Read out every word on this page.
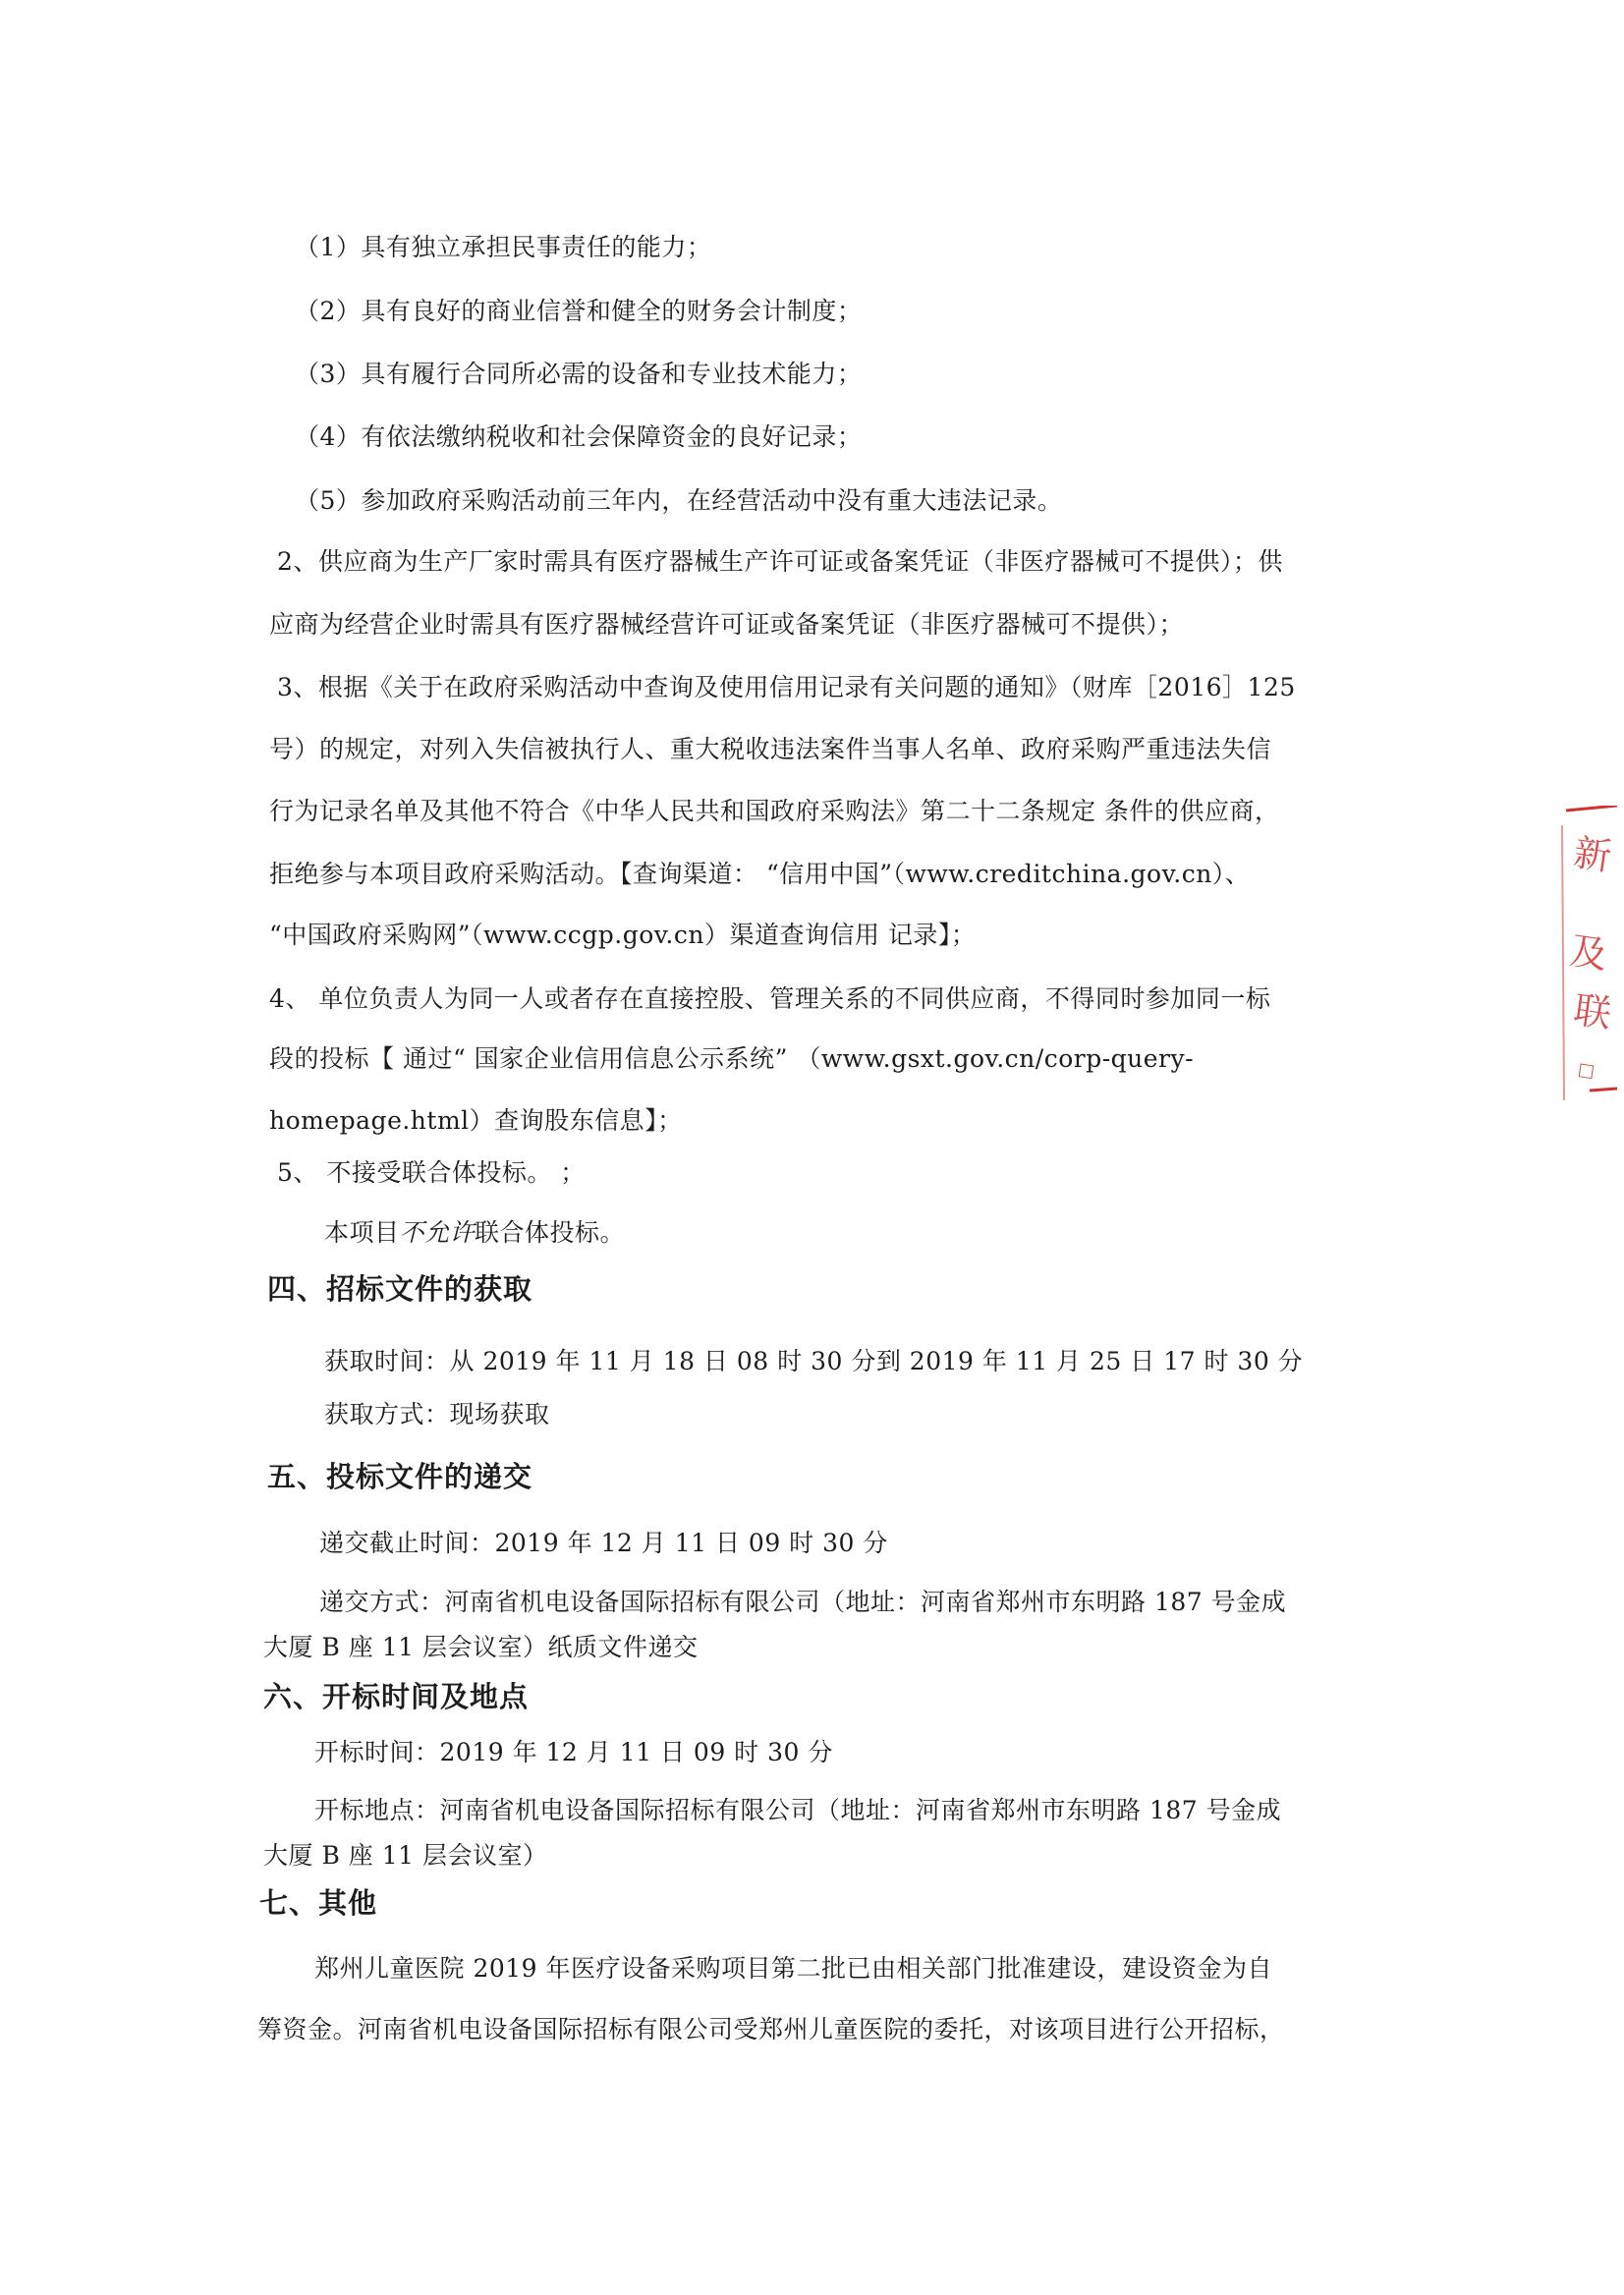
（1）具有独立承担民事责任的能力；
（2）具有良好的商业信誉和健全的财务会计制度；
（3）具有履行合同所必需的设备和专业技术能力；
（4）有依法缴纳税收和社会保障资金的良好记录；
（5）参加政府采购活动前三年内，在经营活动中没有重大违法记录。
2、供应商为生产厂家时需具有医疗器械生产许可证或备案凭证（非医疗器械可不提供）；供
应商为经营企业时需具有医疗器械经营许可证或备案凭证（非医疗器械可不提供）；
3、根据《关于在政府采购活动中查询及使用信用记录有关问题的通知》（财库［2016］125
号）的规定，对列入失信被执行人、重大税收违法案件当事人名单、政府采购严重违法失信
行为记录名单及其他不符合《中华人民共和国政府采购法》第二十二条规定 条件的供应商，
拒绝参与本项目政府采购活动。【查询渠道： “信用中国”（www.creditchina.gov.cn）、
“中国政府采购网”（www.ccgp.gov.cn）渠道查询信用 记录】；
4、 单位负责人为同一人或者存在直接控股、管理关系的不同供应商，不得同时参加同一标
段的投标【 通过“ 国家企业信用信息公示系统” （www.gsxt.gov.cn/corp-query-
homepage.html）查询股东信息】；
5、 不接受联合体投标。 ；
本项目不允许联合体投标。
四、招标文件的获取
获取时间：从 2019 年 11 月 18 日 08 时 30 分到 2019 年 11 月 25 日 17 时 30 分
获取方式：现场获取
五、投标文件的递交
递交截止时间：2019 年 12 月 11 日 09 时 30 分
递交方式：河南省机电设备国际招标有限公司（地址：河南省郑州市东明路 187 号金成
大厦 B 座 11 层会议室）纸质文件递交
六、开标时间及地点
开标时间：2019 年 12 月 11 日 09 时 30 分
开标地点：河南省机电设备国际招标有限公司（地址：河南省郑州市东明路 187 号金成
大厦 B 座 11 层会议室）
七、其他
郑州儿童医院 2019 年医疗设备采购项目第二批已由相关部门批准建设，建设资金为自
筹资金。河南省机电设备国际招标有限公司受郑州儿童医院的委托，对该项目进行公开招标，
新
及
联
□
